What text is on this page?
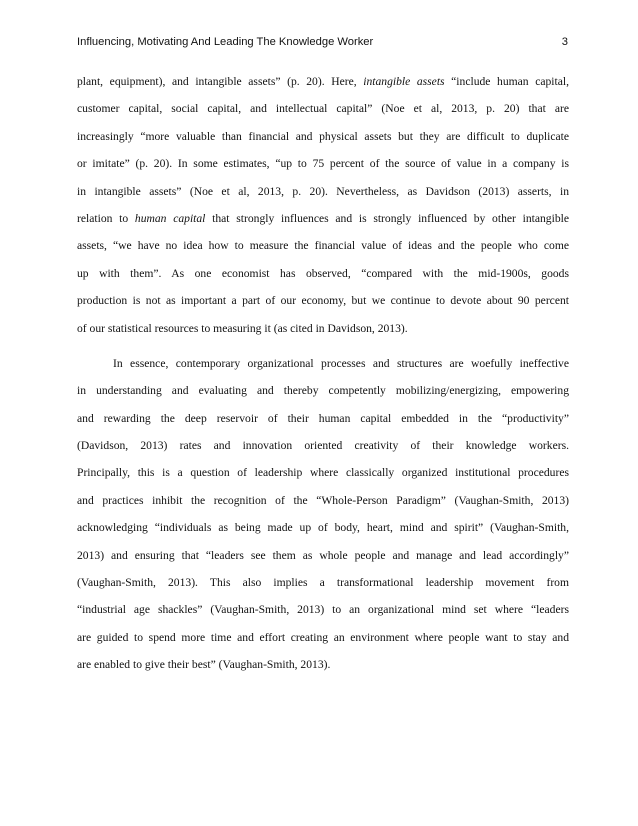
Influencing, Motivating And Leading The Knowledge Worker	3
plant, equipment), and intangible assets” (p. 20). Here, intangible assets “include human capital,
customer capital, social capital, and intellectual capital” (Noe et al, 2013, p. 20) that are
increasingly “more valuable than financial and physical assets but they are difficult to duplicate
or imitate” (p. 20). In some estimates, “up to 75 percent of the source of value in a company is
in intangible assets” (Noe et al, 2013, p. 20). Nevertheless, as Davidson (2013) asserts, in
relation to human capital that strongly influences and is strongly influenced by other intangible
assets, “we have no idea how to measure the financial value of ideas and the people who come
up with them”. As one economist has observed, “compared with the mid-1900s, goods
production is not as important a part of our economy, but we continue to devote about 90 percent
of our statistical resources to measuring it (as cited in Davidson, 2013).
In essence, contemporary organizational processes and structures are woefully ineffective
in understanding and evaluating and thereby competently mobilizing/energizing, empowering
and rewarding the deep reservoir of their human capital embedded in the “productivity”
(Davidson, 2013) rates and innovation oriented creativity of their knowledge workers.
Principally, this is a question of leadership where classically organized institutional procedures
and practices inhibit the recognition of the “Whole-Person Paradigm” (Vaughan-Smith, 2013)
acknowledging “individuals as being made up of body, heart, mind and spirit” (Vaughan-Smith,
2013) and ensuring that “leaders see them as whole people and manage and lead accordingly”
(Vaughan-Smith, 2013). This also implies a transformational leadership movement from
“industrial age shackles” (Vaughan-Smith, 2013) to an organizational mind set where “leaders
are guided to spend more time and effort creating an environment where people want to stay and
are enabled to give their best” (Vaughan-Smith, 2013).
